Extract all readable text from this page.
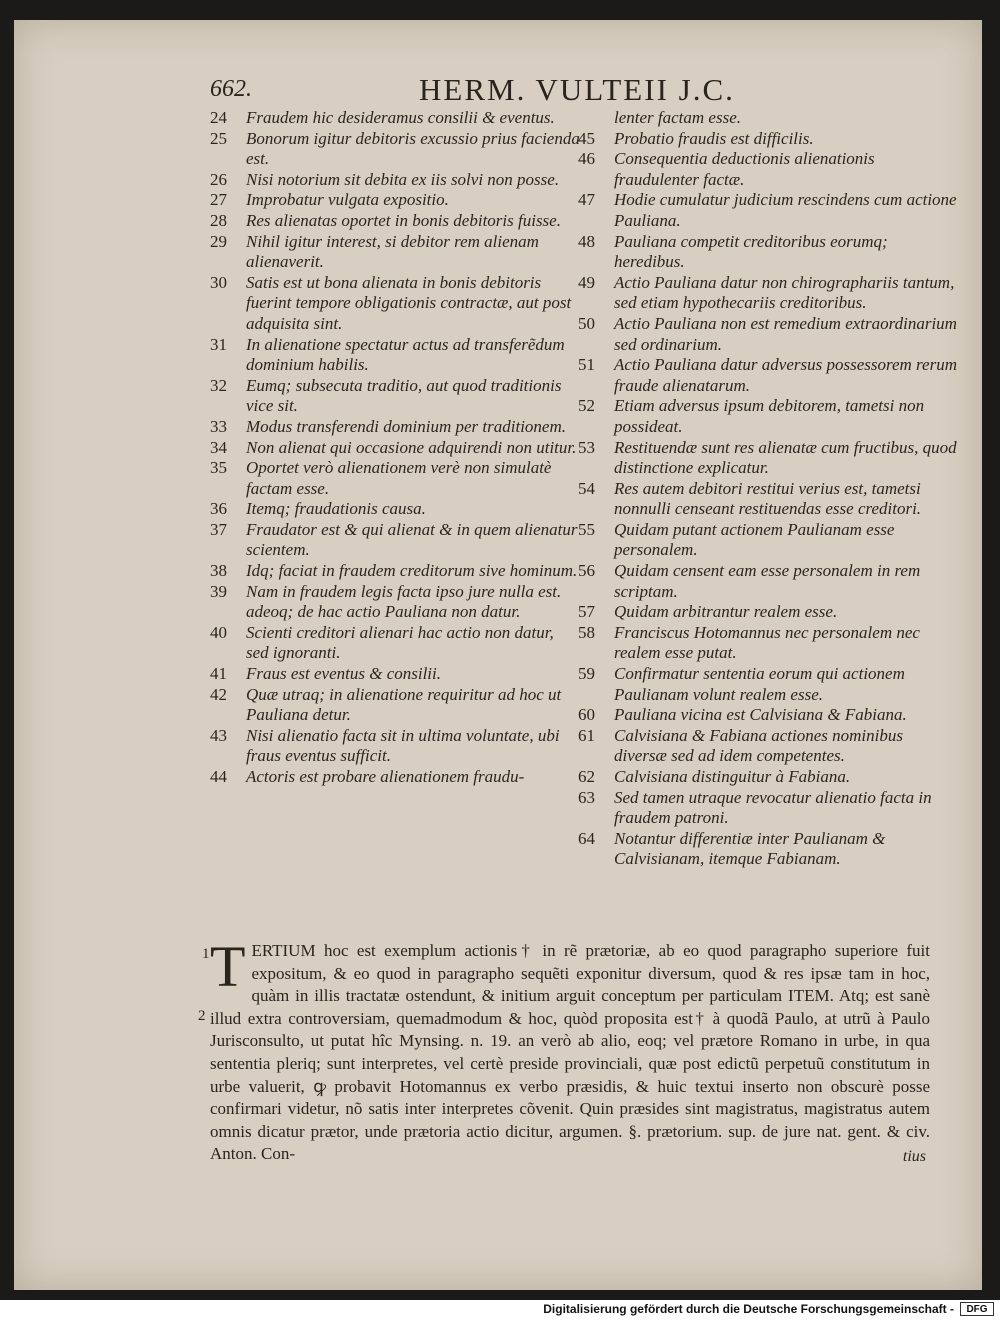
662.	HERM. VULTEII J.C.
24 Fraudem hic desideramus consilii & eventus.
25 Bonorum igitur debitoris excussio prius facienda est.
26 Nisi notorium sit debita ex iis solvi non posse.
27 Improbatur vulgata expositio.
28 Res alienatas oportet in bonis debitoris fuisse.
29 Nihil igitur interest, si debitor rem alienam alienaverit.
30 Satis est ut bona alienata in bonis debitoris fuerint tempore obligationis contractæ, aut post adquisita sint.
31 In alienatione spectatur actus ad transferẽdum dominium habilis.
32 Eumq; subsecuta traditio, aut quod traditionis vice sit.
33 Modus transferendi dominium per traditionem.
34 Non alienat qui occasione adquirendi non utitur.
35 Oportet verò alienationem verè non simulatè factam esse.
36 Itemq; fraudationis causa.
37 Fraudator est & qui alienat & in quem alienatur scientem.
38 Idq; faciat in fraudem creditorum sive hominum.
39 Nam in fraudem legis facta ipso jure nulla est. adeoq; de hac actio Pauliana non datur.
40 Scienti creditori alienari hac actio non datur, sed ignoranti.
41 Fraus est eventus & consilii.
42 Quæ utraq; in alienatione requiritur ad hoc ut Pauliana detur.
43 Nisi alienatio facta sit in ultima voluntate, ubi fraus eventus sufficit.
44 Actoris est probare alienationem fraudu-
lenter factam esse.
45 Probatio fraudis est difficilis.
46 Consequentia deductionis alienationis fraudulenter factæ.
47 Hodie cumulatur judicium rescindens cum actione Pauliana.
48 Pauliana competit creditoribus eorumq; heredibus.
49 Actio Pauliana datur non chirographariis tantum, sed etiam hypothecariis creditoribus.
50 Actio Pauliana non est remedium extraordinarium sed ordinarium.
51 Actio Pauliana datur adversus possessorem rerum fraude alienatarum.
52 Etiam adversus ipsum debitorem, tametsi non possideat.
53 Restituendæ sunt res alienatæ cum fructibus, quod distinctione explicatur.
54 Res autem debitori restitui verius est, tametsi nonnulli censeant restituendas esse creditori.
55 Quidam putant actionem Paulianam esse personalem.
56 Quidam censent eam esse personalem in rem scriptam.
57 Quidam arbitrantur realem esse.
58 Franciscus Hotomannus nec personalem nec realem esse putat.
59 Confirmatur sententia eorum qui actionem Paulianam volunt realem esse.
60 Pauliana vicina est Calvisiana & Fabiana.
61 Calvisiana & Fabiana actiones nominibus diversæ sed ad idem competentes.
62 Calvisiana distinguitur à Fabiana.
63 Sed tamen utraque revocatur alienatio facta in fraudem patroni.
64 Notantur differentiæ inter Paulianam & Calvisianam, itemque Fabianam.

TERTIUM hoc est exemplum actionis† in rẽ prætoriæ, ab eo quod paragrapho superiore fuit expositum, & eo quod in paragrapho sequẽti exponitur diversum, quod & res ipsæ tam in hoc, quàm in illis tractatæ ostendunt, & initium arguit conceptum per particulam ITEM. Atq; est sanè illud extra controversiam, quemadmodum & hoc, quòd proposita est† à quodã Paulo, at utrũ à Paulo Jurisconsulto, ut putat hîc Mynsing. n. 19. an verò ab alio, eoq; vel prætore Romano in urbe, in qua sententia pleriq; sunt interpretes, vel certè preside provinciali, quæ post edictũ perpetuũ constitutum in urbe valuerit, ꝙ probavit Hotomannus ex verbo præsidis, & huic textui inserto non obscurè posse confirmari videtur, nõ satis inter interpretes cõvenit. Quin præsides sint magistratus, magistratus autem omnis dicatur prætor, unde prætoria actio dicitur, argumen. §. prætorium. sup. de jure nat. gent. & civ. Anton. Con-

1
2
tius
Digitalisierung gefördert durch die Deutsche Forschungsgemeinschaft -	DFG
